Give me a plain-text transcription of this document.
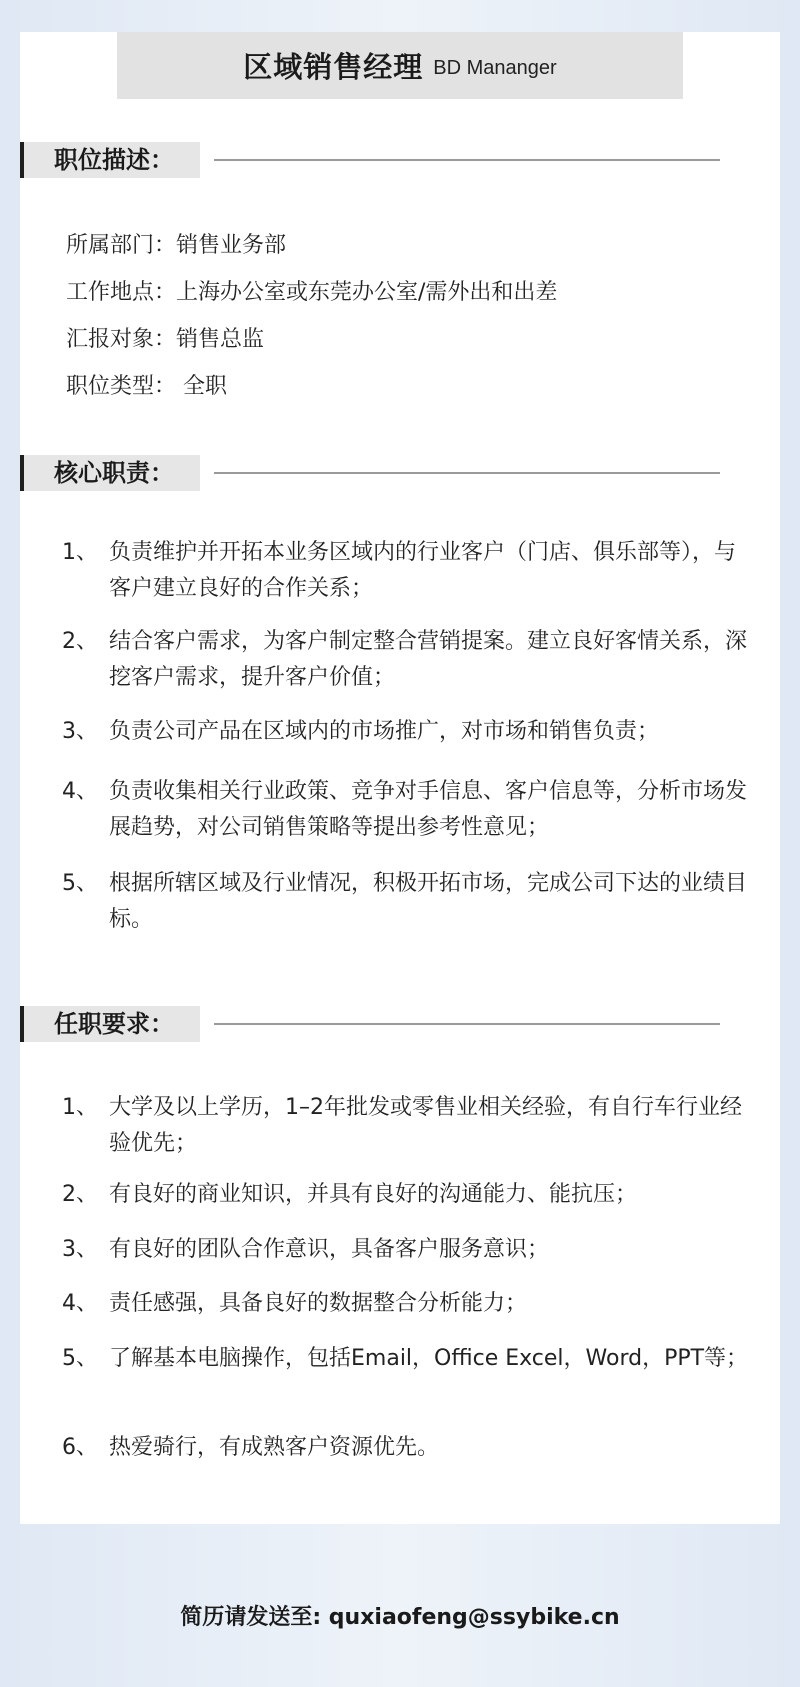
区域销售经理 BD Mananger
职位描述：
所属部门：销售业务部
工作地点：上海办公室或东莞办公室/需外出和出差
汇报对象：销售总监
职位类型： 全职
核心职责：
1、 负责维护并开拓本业务区域内的行业客户（门店、俱乐部等），与客户建立良好的合作关系；
2、 结合客户需求，为客户制定整合营销提案。建立良好客情关系，深挖客户需求，提升客户价值；
3、 负责公司产品在区域内的市场推广，对市场和销售负责；
4、 负责收集相关行业政策、竞争对手信息、客户信息等，分析市场发展趋势，对公司销售策略等提出参考性意见；
5、 根据所辖区域及行业情况，积极开拓市场，完成公司下达的业绩目标。
任职要求：
1、 大学及以上学历，1–2年批发或零售业相关经验，有自行车行业经验优先；
2、 有良好的商业知识，并具有良好的沟通能力、能抗压；
3、 有良好的团队合作意识，具备客户服务意识；
4、 责任感强，具备良好的数据整合分析能力；
5、 了解基本电脑操作，包括Email，Office Excel，Word，PPT等；
6、 热爱骑行，有成熟客户资源优先。
简历请发送至: quxiaofeng@ssybike.cn
